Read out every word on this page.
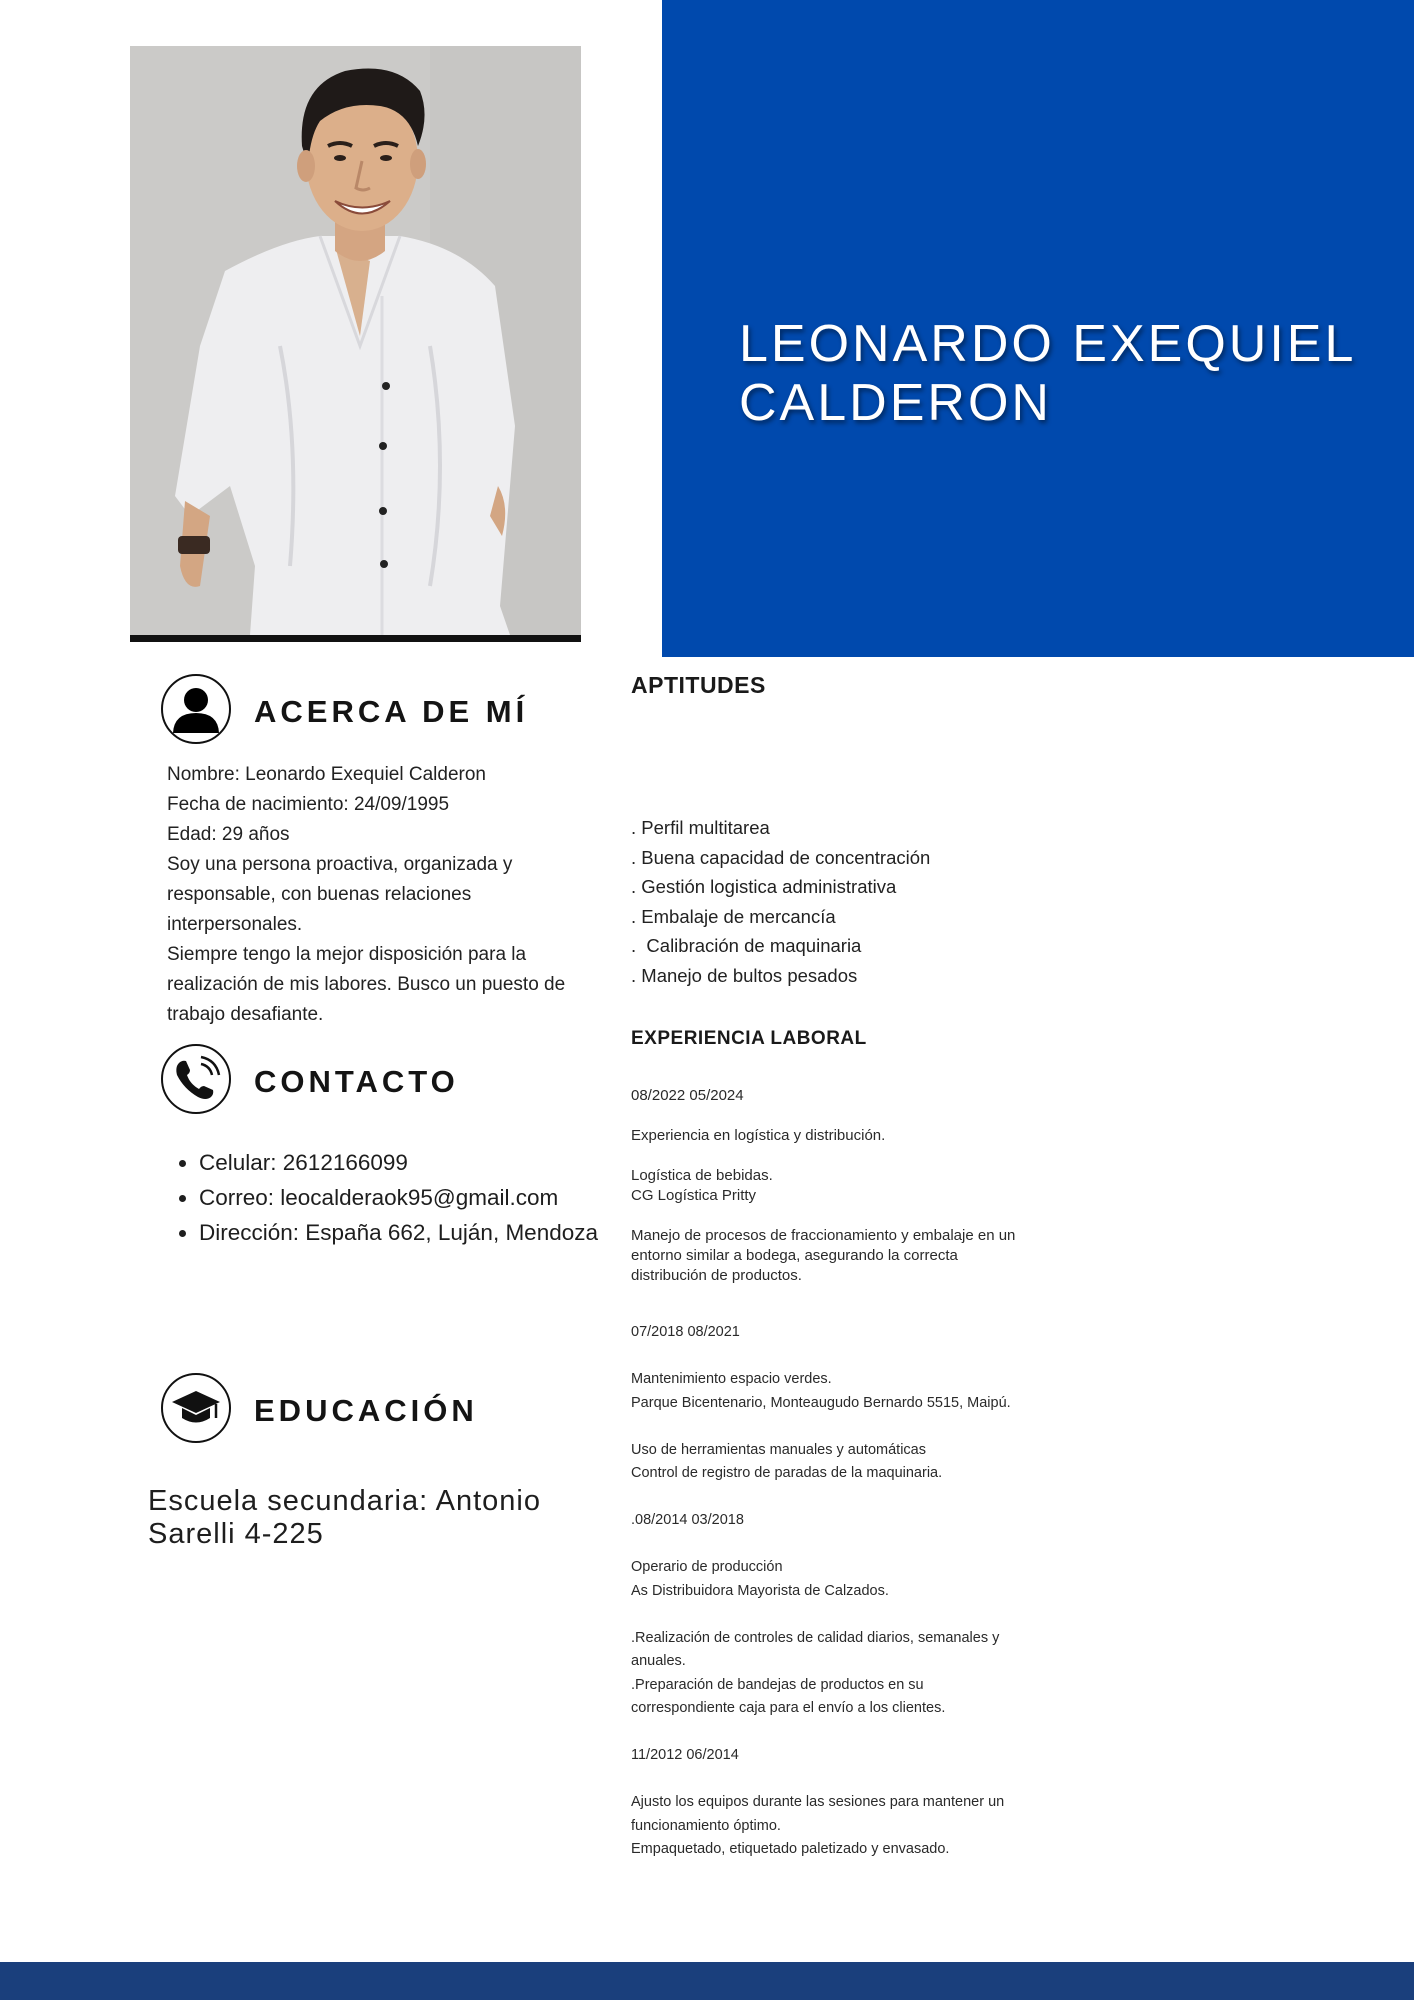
LEONARDO EXEQUIEL
CALDERON
ACERCA DE MÍ

Nombre: Leonardo Exequiel Calderon

Fecha de nacimiento: 24/09/1995

Edad: 29 años

Soy una persona proactiva, organizada y responsable, con buenas relaciones interpersonales.

Siempre tengo la mejor disposición para la realización de mis labores. Busco un puesto de trabajo desafiante.

CONTACTO
• Celular: 2612166099
• Correo: leocalderaok95@gmail.com
• Dirección: España 662, Luján, Mendoza
EDUCACIÓN

Escuela secundaria: Antonio Sarelli 4-225

APTITUDES
. Perfil multitarea
. Buena capacidad de concentración
. Gestión logistica administrativa
. Embalaje de mercancía
.  Calibración de maquinaria
. Manejo de bultos pesados
EXPERIENCIA LABORAL

08/2022 05/2024

Experiencia en logística y distribución.

Logística de bebidas.

CG Logística Pritty

Manejo de procesos de fraccionamiento y embalaje en un entorno similar a bodega, asegurando la correcta distribución de productos.

07/2018 08/2021

Mantenimiento espacio verdes.

Parque Bicentenario, Monteaugudo Bernardo 5515, Maipú.

Uso de herramientas manuales y automáticas

Control de registro de paradas de la maquinaria.

.08/2014 03/2018

Operario de producción

As Distribuidora Mayorista de Calzados.

.Realización de controles de calidad diarios, semanales y anuales.

.Preparación de bandejas de productos en su correspondiente caja para el envío a los clientes.

11/2012 06/2014

Ajusto los equipos durante las sesiones para mantener un funcionamiento óptimo.

Empaquetado, etiquetado paletizado y envasado.
